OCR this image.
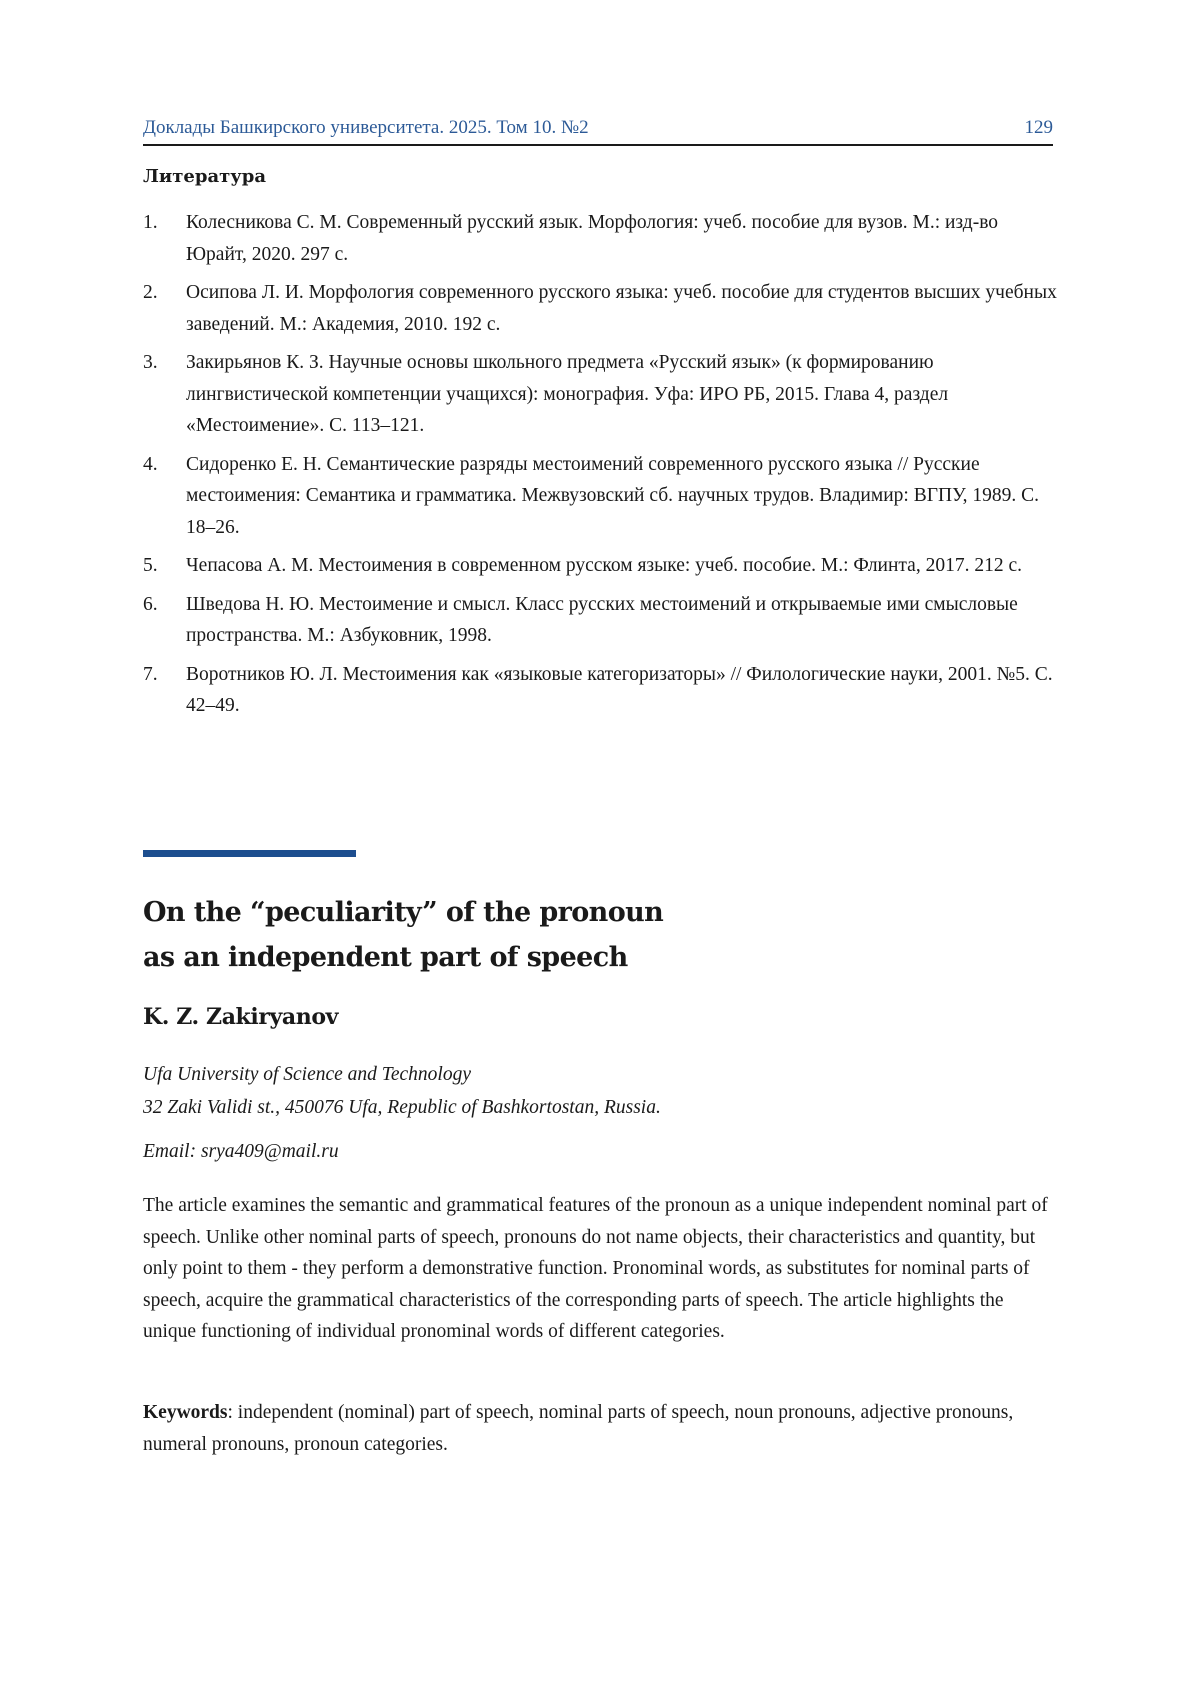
Доклады Башкирского университета. 2025. Том 10. №2	129
Литература
1.	Колесникова С. М. Современный русский язык. Морфология: учеб. пособие для вузов. М.: изд-во Юрайт, 2020. 297 с.
2.	Осипова Л. И. Морфология современного русского языка: учеб. пособие для студентов высших учебных заведений. М.: Академия, 2010. 192 с.
3.	Закирьянов К. З. Научные основы школьного предмета «Русский язык» (к формированию лингвистической компетенции учащихся): монография. Уфа: ИРО РБ, 2015. Глава 4, раздел «Местоимение». С. 113–121.
4.	Сидоренко Е. Н. Семантические разряды местоимений современного русского языка // Русские местоимения: Семантика и грамматика. Межвузовский сб. научных трудов. Владимир: ВГПУ, 1989. С. 18–26.
5.	Чепасова А. М. Местоимения в современном русском языке: учеб. пособие. М.: Флинта, 2017. 212 с.
6.	Шведова Н. Ю. Местоимение и смысл. Класс русских местоимений и открываемые ими смысловые пространства. М.: Азбуковник, 1998.
7.	Воротников Ю. Л. Местоимения как «языковые категоризаторы» // Филологические науки, 2001. №5. С. 42–49.
On the “peculiarity” of the pronoun
as an independent part of speech
K. Z. Zakiryanov
Ufa University of Science and Technology
32 Zaki Validi st., 450076 Ufa, Republic of Bashkortostan, Russia.
Email: srya409@mail.ru
The article examines the semantic and grammatical features of the pronoun as a unique independent nominal part of speech. Unlike other nominal parts of speech, pronouns do not name objects, their characteristics and quantity, but only point to them - they perform a demonstrative function. Pronominal words, as substitutes for nominal parts of speech, acquire the grammatical characteristics of the corresponding parts of speech. The article highlights the unique functioning of individual pronominal words of different categories.
Keywords: independent (nominal) part of speech, nominal parts of speech, noun pronouns, adjective pronouns, numeral pronouns, pronoun categories.
